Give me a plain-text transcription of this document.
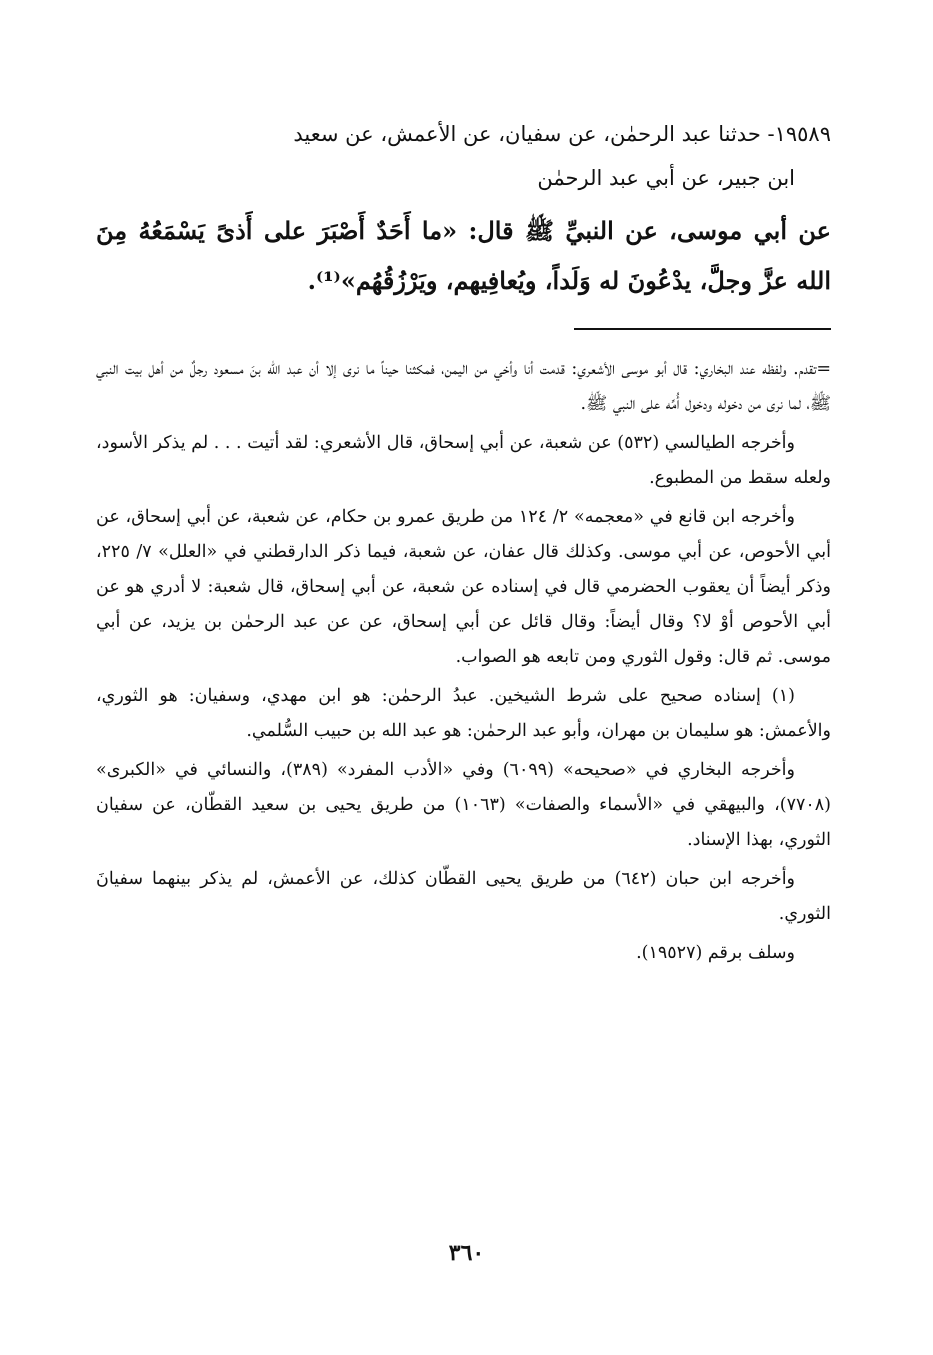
١٩٥٨٩- حدثنا عبد الرحمٰن، عن سفيان، عن الأعمش، عن سعيد
ابن جبير، عن أبي عبد الرحمٰن

عن أبي موسى، عن النبيِّ ﷺ قال: «ما أَحَدٌ أَصْبَرَ على أَذىً يَسْمَعُهُ مِنَ الله عزَّ وجلَّ، يدْعُونَ له وَلَداً، ويُعافِيهم، ويَرْزُقُهُم»⁽¹⁾.

=تقدم. ولفظه عند البخاري: قال أبو موسى الأشعري: قدمت أنا وأخي من اليمن، فمكثنا حيناً ما نرى إلا أن عبد الله بنَ مسعود رجلٌ من أهل بيت النبي ﷺ، لما نرى من دخوله ودخول أُمِّه على النبي ﷺ.

وأخرجه الطيالسي (٥٣٢) عن شعبة، عن أبي إسحاق، قال الأشعري: لقد أتيت . . . لم يذكر الأسود، ولعله سقط من المطبوع.

وأخرجه ابن قانع في «معجمه» ٢/ ١٢٤ من طريق عمرو بن حكام، عن شعبة، عن أبي إسحاق، عن أبي الأحوص، عن أبي موسى. وكذلك قال عفان، عن شعبة، فيما ذكر الدارقطني في «العلل» ٧/ ٢٢٥، وذكر أيضاً أن يعقوب الحضرمي قال في إسناده عن شعبة، عن أبي إسحاق، قال شعبة: لا أدري هو عن أبي الأحوص أوْ لا؟ وقال أيضاً: وقال قائل عن أبي إسحاق، عن عن عبد الرحمٰن بن يزيد، عن أبي موسى. ثم قال: وقول الثوري ومن تابعه هو الصواب.

(١) إسناده صحيح على شرط الشيخين. عبدُ الرحمٰن: هو ابن مهدي، وسفيان: هو الثوري، والأعمش: هو سليمان بن مهران، وأبو عبد الرحمٰن: هو عبد الله بن حبيب السُّلمي.

وأخرجه البخاري في «صحيحه» (٦٠٩٩) وفي «الأدب المفرد» (٣٨٩)، والنسائي في «الكبرى» (٧٧٠٨)، والبيهقي في «الأسماء والصفات» (١٠٦٣) من طريق يحيى بن سعيد القطّان، عن سفيان الثوري، بهذا الإسناد.

وأخرجه ابن حبان (٦٤٢) من طريق يحيى القطّان كذلك، عن الأعمش، لم يذكر بينهما سفيانَ الثوري.

وسلف برقم (١٩٥٢٧).

٣٦٠
